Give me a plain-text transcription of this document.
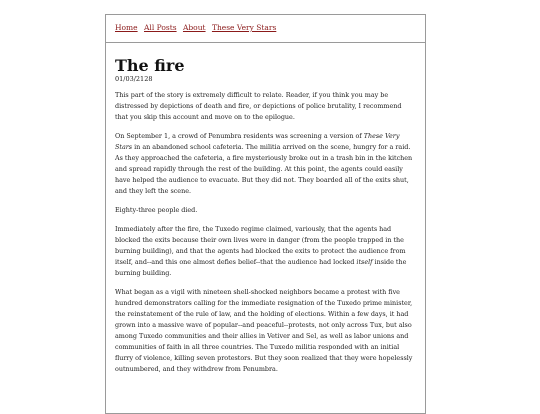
Home All Posts About These Very Stars
The fire
01/03/2128

This part of the story is extremely difficult to relate. Reader, if you think you may be distressed by depictions of death and fire, or depictions of police brutality, I recommend that you skip this account and move on to the epilogue.

On September 1, a crowd of Penumbra residents was screening a version of These Very Stars in an abandoned school cafeteria. The militia arrived on the scene, hungry for a raid. As they approached the cafeteria, a fire mysteriously broke out in a trash bin in the kitchen and spread rapidly through the rest of the building. At this point, the agents could easily have helped the audience to evacuate. But they did not. They boarded all of the exits shut, and they left the scene.

Eighty-three people died.

Immediately after the fire, the Tuxedo regime claimed, variously, that the agents had blocked the exits because their own lives were in danger (from the people trapped in the burning building), and that the agents had blocked the exits to protect the audience from itself, and--and this one almost defies belief--that the audience had locked itself inside the burning building.

What began as a vigil with nineteen shell-shocked neighbors became a protest with five hundred demonstrators calling for the immediate resignation of the Tuxedo prime minister, the reinstatement of the rule of law, and the holding of elections. Within a few days, it had grown into a massive wave of popular--and peaceful--protests, not only across Tux, but also among Tuxedo communities and their allies in Vetiver and Sel, as well as labor unions and communities of faith in all three countries. The Tuxedo militia responded with an initial flurry of violence, killing seven protestors. But they soon realized that they were hopelessly outnumbered, and they withdrew from Penumbra.
